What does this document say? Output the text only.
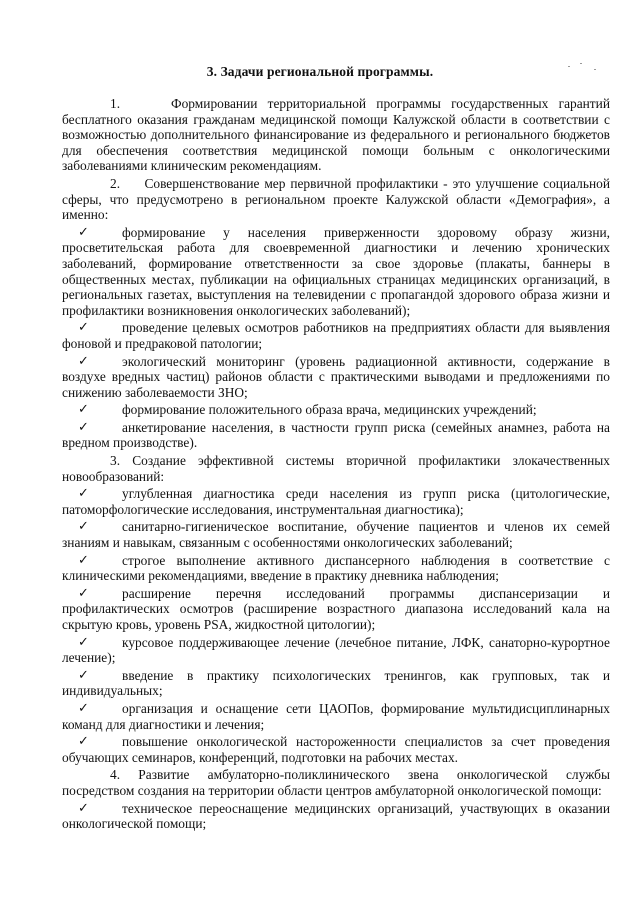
3. Задачи региональной программы.

1.     Формировании территориальной программы государственных гарантий бесплатного оказания гражданам медицинской помощи Калужской области в соответствии с возможностью дополнительного финансирование из федерального и регионального бюджетов для обеспечения соответствия медицинской помощи больным с онкологическими заболеваниями клиническим рекомендациям.

2.     Совершенствование мер первичной профилактики - это улучшение социальной сферы, что предусмотрено в региональном проекте Калужской области «Демография», а именно:

✓ формирование у населения приверженности здоровому образу жизни, просветительская работа для своевременной диагностики и лечению хронических заболеваний, формирование ответственности за свое здоровье (плакаты, баннеры в общественных местах, публикации на официальных страницах медицинских организаций, в региональных газетах, выступления на телевидении с пропагандой здорового образа жизни и профилактики возникновения онкологических заболеваний);

✓ проведение целевых осмотров работников на предприятиях области для выявления фоновой и предраковой патологии;

✓ экологический мониторинг (уровень радиационной активности, содержание в воздухе вредных частиц) районов области с практическими выводами и предложениями по снижению заболеваемости ЗНО;

✓ формирование положительного образа врача, медицинских учреждений;

✓ анкетирование населения, в частности групп риска (семейных анамнез, работа на вредном производстве).

3. Создание эффективной системы вторичной профилактики злокачественных новообразований:

✓ углубленная диагностика среди населения из групп риска (цитологические, патоморфологические исследования, инструментальная диагностика);

✓ санитарно-гигиеническое воспитание, обучение пациентов и членов их семей знаниям и навыкам, связанным с особенностями онкологических заболеваний;

✓ строгое выполнение активного диспансерного наблюдения в соответствие с клиническими рекомендациями, введение в практику дневника наблюдения;

✓ расширение перечня исследований программы диспансеризации и профилактических осмотров (расширение возрастного диапазона исследований кала на скрытую кровь, уровень PSA, жидкостной цитологии);

✓ курсовое поддерживающее лечение (лечебное питание, ЛФК, санаторно-курортное лечение);

✓ введение в практику психологических тренингов, как групповых, так и индивидуальных;

✓ организация и оснащение сети ЦАОПов, формирование мультидисциплинарных команд для диагностики и лечения;

✓ повышение онкологической настороженности специалистов за счет проведения обучающих семинаров, конференций, подготовки на рабочих местах.

4. Развитие амбулаторно-поликлинического звена онкологической службы посредством создания на территории области центров амбулаторной онкологической помощи:

✓ техническое переоснащение медицинских организаций, участвующих в оказании онкологической помощи;
